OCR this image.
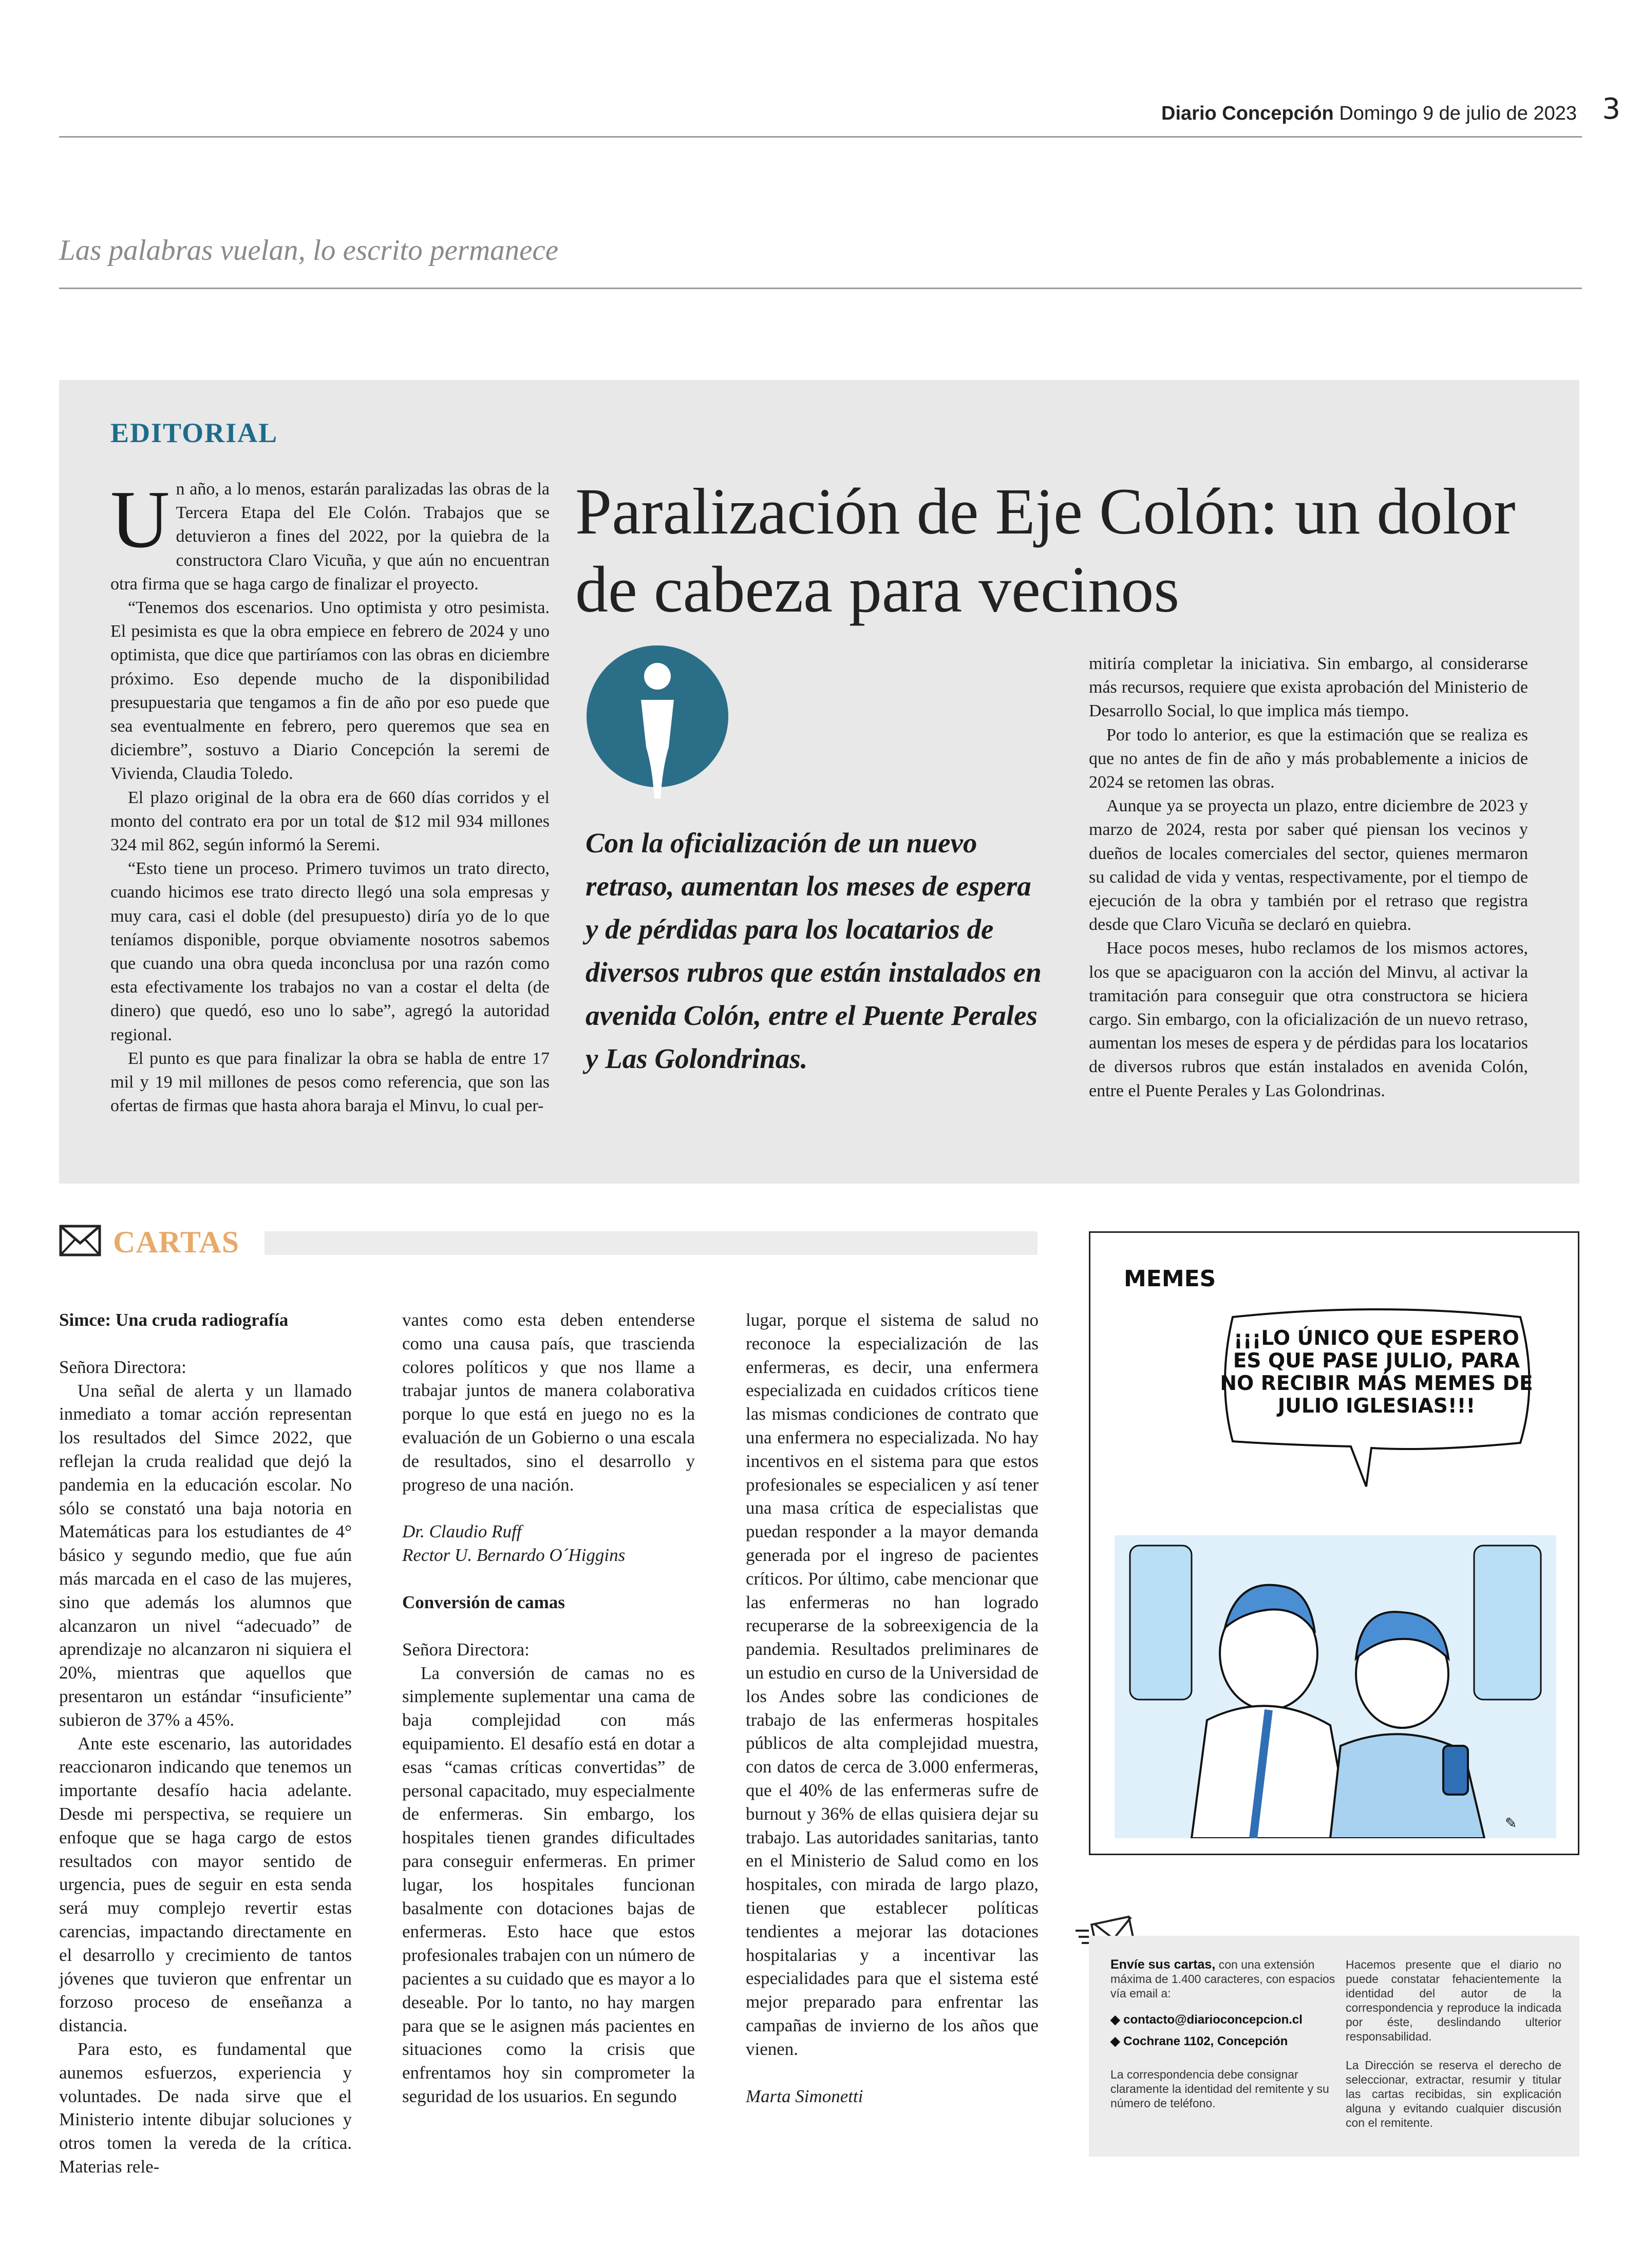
Diario Concepción Domingo 9 de julio de 2023 3
Las palabras vuelan, lo escrito permanece
EDITORIAL

Un año, a lo menos, estarán paralizadas las obras de la Tercera Etapa del Ele Colón. Trabajos que se detuvieron a fines del 2022, por la quiebra de la constructora Claro Vicuña, y que aún no encuentran otra firma que se haga cargo de finalizar el proyecto.

“Tenemos dos escenarios. Uno optimista y otro pesimista. El pesimista es que la obra empiece en febrero de 2024 y uno optimista, que dice que partiríamos con las obras en diciembre próximo. Eso depende mucho de la disponibilidad presupuestaria que tengamos a fin de año por eso puede que sea eventualmente en febrero, pero queremos que sea en diciembre”, sostuvo a Diario Concepción la seremi de Vivienda, Claudia Toledo.

El plazo original de la obra era de 660 días corridos y el monto del contrato era por un total de $12 mil 934 millones 324 mil 862, según informó la Seremi.

“Esto tiene un proceso. Primero tuvimos un trato directo, cuando hicimos ese trato directo llegó una sola empresas y muy cara, casi el doble (del presupuesto) diría yo de lo que teníamos disponible, porque obviamente nosotros sabemos que cuando una obra queda inconclusa por una razón como esta efectivamente los trabajos no van a costar el delta (de dinero) que quedó, eso uno lo sabe”, agregó la autoridad regional.

El punto es que para finalizar la obra se habla de entre 17 mil y 19 mil millones de pesos como referencia, que son las ofertas de firmas que hasta ahora baraja el Minvu, lo cual per-

Paralización de Eje Colón: un dolor de cabeza para vecinos
Con la oficialización de un nuevo retraso, aumentan los meses de espera y de pérdidas para los locatarios de diversos rubros que están instalados en avenida Colón, entre el Puente Perales y Las Golondrinas.

mitiría completar la iniciativa. Sin embargo, al considerarse más recursos, requiere que exista aprobación del Ministerio de Desarrollo Social, lo que implica más tiempo.

Por todo lo anterior, es que la estimación que se realiza es que no antes de fin de año y más probablemente a inicios de 2024 se retomen las obras.

Aunque ya se proyecta un plazo, entre diciembre de 2023 y marzo de 2024, resta por saber qué piensan los vecinos y dueños de locales comerciales del sector, quienes mermaron su calidad de vida y ventas, respectivamente, por el tiempo de ejecución de la obra y también por el retraso que registra desde que Claro Vicuña se declaró en quiebra.

Hace pocos meses, hubo reclamos de los mismos actores, los que se apaciguaron con la acción del Minvu, al activar la tramitación para conseguir que otra constructora se hiciera cargo. Sin embargo, con la oficialización de un nuevo retraso, aumentan los meses de espera y de pérdidas para los locatarios de diversos rubros que están instalados en avenida Colón, entre el Puente Perales y Las Golondrinas.

CARTAS

Simce: Una cruda radiografía

Señora Directora:

Una señal de alerta y un llamado inmediato a tomar acción representan los resultados del Simce 2022, que reflejan la cruda realidad que dejó la pandemia en la educación escolar. No sólo se constató una baja notoria en Matemáticas para los estudiantes de 4° básico y segundo medio, que fue aún más marcada en el caso de las mujeres, sino que además los alumnos que alcanzaron un nivel “adecuado” de aprendizaje no alcanzaron ni siquiera el 20%, mientras que aquellos que presentaron un estándar “insuficiente” subieron de 37% a 45%.

Ante este escenario, las autoridades reaccionaron indicando que tenemos un importante desafío hacia adelante. Desde mi perspectiva, se requiere un enfoque que se haga cargo de estos resultados con mayor sentido de urgencia, pues de seguir en esta senda será muy complejo revertir estas carencias, impactando directamente en el desarrollo y crecimiento de tantos jóvenes que tuvieron que enfrentar un forzoso proceso de enseñanza a distancia.

Para esto, es fundamental que aunemos esfuerzos, experiencia y voluntades. De nada sirve que el Ministerio intente dibujar soluciones y otros tomen la vereda de la crítica. Materias rele-

vantes como esta deben entenderse como una causa país, que trascienda colores políticos y que nos llame a trabajar juntos de manera colaborativa porque lo que está en juego no es la evaluación de un Gobierno o una escala de resultados, sino el desarrollo y progreso de una nación.

Dr. Claudio Ruff

Rector U. Bernardo O´Higgins

Conversión de camas

Señora Directora:

La conversión de camas no es simplemente suplementar una cama de baja complejidad con más equipamiento. El desafío está en dotar a esas “camas críticas convertidas” de personal capacitado, muy especialmente de enfermeras. Sin embargo, los hospitales tienen grandes dificultades para conseguir enfermeras. En primer lugar, los hospitales funcionan basalmente con dotaciones bajas de enfermeras. Esto hace que estos profesionales trabajen con un número de pacientes a su cuidado que es mayor a lo deseable. Por lo tanto, no hay margen para que se le asignen más pacientes en situaciones como la crisis que enfrentamos hoy sin comprometer la seguridad de los usuarios. En segundo

lugar, porque el sistema de salud no reconoce la especialización de las enfermeras, es decir, una enfermera especializada en cuidados críticos tiene las mismas condiciones de contrato que una enfermera no especializada. No hay incentivos en el sistema para que estos profesionales se especialicen y así tener una masa crítica de especialistas que puedan responder a la mayor demanda generada por el ingreso de pacientes críticos. Por último, cabe mencionar que las enfermeras no han logrado recuperarse de la sobreexigencia de la pandemia. Resultados preliminares de un estudio en curso de la Universidad de los Andes sobre las condiciones de trabajo de las enfermeras hospitales públicos de alta complejidad muestra, con datos de cerca de 3.000 enfermeras, que el 40% de las enfermeras sufre de burnout y 36% de ellas quisiera dejar su trabajo. Las autoridades sanitarias, tanto en el Ministerio de Salud como en los hospitales, con mirada de largo plazo, tienen que establecer políticas tendientes a mejorar las dotaciones hospitalarias y a incentivar las especialidades para que el sistema esté mejor preparado para enfrentar las campañas de invierno de los años que vienen.

Marta Simonetti

MEMES
¡¡¡LO ÚNICO QUE ESPERO ES QUE PASE JULIO, PARA NO RECIBIR MÁS MEMES DE JULIO IGLESIAS!!!
✎
Envíe sus cartas, con una extensión máxima de 1.400 caracteres, con espacios vía email a:
◆ contacto@diarioconcepcion.cl
◆ Cochrane 1102, Concepción
La correspondencia debe consignar claramente la identidad del remitente y su número de teléfono.

Hacemos presente que el diario no puede constatar fehacientemente la identidad del autor de la correspondencia y reproduce la indicada por éste, deslindando ulterior responsabilidad.

La Dirección se reserva el derecho de seleccionar, extractar, resumir y titular las cartas recibidas, sin explicación alguna y evitando cualquier discusión con el remitente.
